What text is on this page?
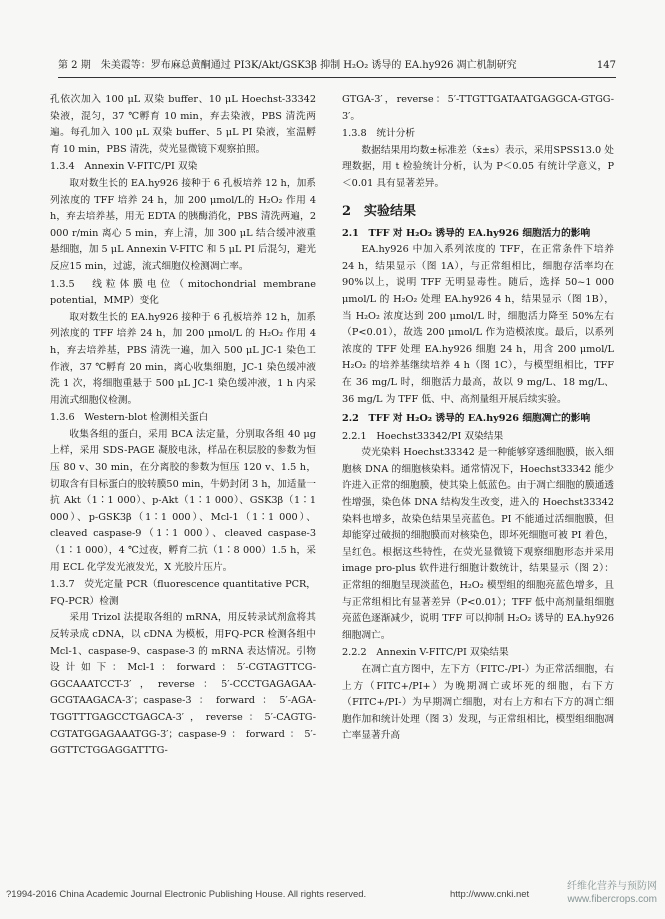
第 2 期　 朱美霞等：罗布麻总黄酮通过 PI3K/Akt/GSK3β 抑制 H₂O₂ 诱导的 EA.hy926 凋亡机制研究	147

孔依次加入 100 μL 双染 buffer、10 μL Hoechst-33342 染液，混匀，37 ℃孵育 10 min，弃去染液，PBS 清洗两遍。每孔加入 100 μL 双染 buffer、5 μL PI 染液，室温孵育 10 min，PBS 清洗，荧光显微镜下观察拍照。

1.3.4　Annexin V-FITC/PI 双染

取对数生长的 EA.hy926 接种于 6 孔板培养 12 h，加系列浓度的 TFF 培养 24 h，加 200 μmol/L的 H₂O₂ 作用 4 h，弃去培养基，用无 EDTA 的胰酶消化，PBS 清洗两遍，2 000 r/min 离心 5 min，弃上清，加 300 μL 结合缓冲液重悬细胞，加 5 μL Annexin V-FITC 和 5 μL PI 后混匀，避光反应15 min，过滤，流式细胞仪检测凋亡率。

1.3.5　线粒体膜电位（mitochondrial membrane potential，MMP）变化

取对数生长的 EA.hy926 接种于 6 孔板培养 12 h，加系列浓度的 TFF 培养 24 h，加 200 μmol/L 的 H₂O₂ 作用 4 h，弃去培养基，PBS 清洗一遍，加入 500 μL JC-1 染色工作液，37 ℃孵育 20 min，离心收集细胞，JC-1 染色缓冲液洗 1 次，将细胞重悬于 500 μL JC-1 染色缓冲液，1 h 内采用流式细胞仪检测。

1.3.6　Western-blot 检测相关蛋白

收集各组的蛋白，采用 BCA 法定量，分别取各组 40 μg 上样，采用 SDS-PAGE 凝胶电泳，样品在积层胶的参数为恒压 80 v、30 min，在分离胶的参数为恒压 120 v、1.5 h，切取含有目标蛋白的胶转膜50 min，牛奶封闭 3 h，加适量一抗 Akt（1∶1 000）、p-Akt（1∶1 000）、GSK3β（1∶1 000）、p-GSK3β（1∶1 000）、Mcl-1（1∶1 000）、cleaved caspase-9（1∶1 000）、cleaved caspase-3（1∶1 000），4 ℃过夜，孵育二抗（1∶8 000）1.5 h，采用 ECL 化学发光液发光，X 光胶片压片。

1.3.7　荧光定量 PCR（fluorescence quantitative PCR，FQ-PCR）检测

采用 Trizol 法提取各组的 mRNA，用反转录试剂盒将其反转录成 cDNA，以 cDNA 为模板，用FQ-PCR 检测各组中 Mcl-1、caspase-9、caspase-3 的 mRNA 表达情况。引物设计如下：Mcl-1：forward：5′-CGTAGTTCG-GGCAAATCCT-3′，reverse：5′-CCCTGAGAGAA-GCGTAAGACA-3′；caspase-3：forward：5′-AGA-TGGTTTGAGCCTGAGCA-3′，reverse：5′-CAGTG-CGTATGGAGAAATGG-3′；caspase-9：forward：5′-GGTTCTGGAGGATTTG-

GTGA-3′，reverse：5′-TTGTTGATAATGAGGCA-GTGG-3′。

1.3.8　统计分析

数据结果用均数±标准差（x̄±s）表示，采用SPSS13.0 处理数据，用 t 检验统计分析，认为 P＜0.05 有统计学意义，P＜0.01 具有显著差异。

2　实验结果

2.1　TFF 对 H₂O₂ 诱导的 EA.hy926 细胞活力的影响

EA.hy926 中加入系列浓度的 TFF，在正常条件下培养 24 h，结果显示（图 1A），与正常组相比，细胞存活率均在 90%以上，说明 TFF 无明显毒性。随后，选择 50~1 000 μmol/L 的 H₂O₂ 处理 EA.hy926 4 h，结果显示（图 1B），当 H₂O₂ 浓度达到 200 μmol/L 时，细胞活力降至 50%左右（P<0.01），故选 200 μmol/L 作为造模浓度。最后，以系列浓度的 TFF 处理 EA.hy926 细胞 24 h，用含 200 μmol/L H₂O₂ 的培养基继续培养 4 h（图 1C），与模型组相比，TFF 在 36 mg/L 时，细胞活力最高，故以 9 mg/L、18 mg/L、36 mg/L 为 TFF 低、中、高剂量组开展后续实验。

2.2　TFF 对 H₂O₂ 诱导的 EA.hy926 细胞凋亡的影响

2.2.1　Hoechst33342/PI 双染结果

荧光染料 Hoechst33342 是一种能够穿透细胞膜，嵌入细胞核 DNA 的细胞核染料。通常情况下，Hoechst33342 能少许进入正常的细胞膜，使其染上低蓝色。由于凋亡细胞的膜通透性增强，染色体 DNA 结构发生改变，进入的 Hoechst33342 染料也增多，故染色结果呈亮蓝色。PI 不能通过活细胞膜，但却能穿过破损的细胞膜而对核染色，即坏死细胞可被 PI 着色，呈红色。根据这些特性，在荧光显微镜下观察细胞形态并采用 image pro-plus 软件进行细胞计数统计，结果显示（图 2）：正常组的细胞呈现淡蓝色，H₂O₂ 模型组的细胞亮蓝色增多，且与正常组相比有显著差异（P<0.01）；TFF 低中高剂量组细胞亮蓝色逐渐减少，说明 TFF 可以抑制 H₂O₂ 诱导的 EA.hy926 细胞凋亡。

2.2.2　Annexin V-FITC/PI 双染结果

在凋亡直方图中，左下方（FITC-/PI-）为正常活细胞，右上方（FITC+/PI+）为晚期凋亡或坏死的细胞，右下方（FITC+/PI-）为早期凋亡细胞，对右上方和右下方的凋亡细胞作加和统计处理（图 3）发现，与正常组相比，模型组细胞凋亡率显著升高

?1994-2016 China Academic Journal Electronic Publishing House. All rights reserved.	http://www.cnki.net
纤维化营养与预防网 www.fibercrops.com
